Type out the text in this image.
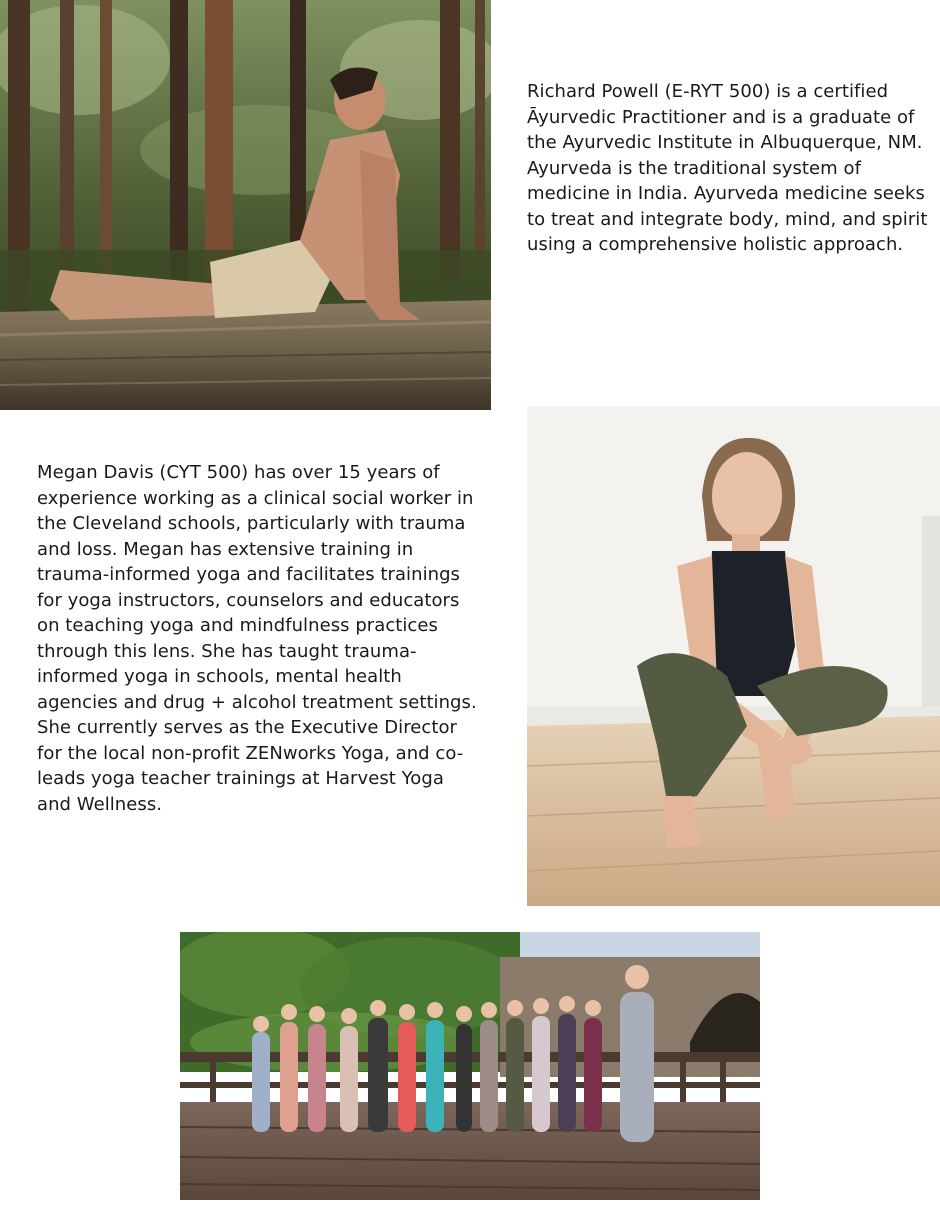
Richard Powell (E-RYT 500) is a certified Āyurvedic Practitioner and is a graduate of the Ayurvedic Institute in Albuquerque, NM. Ayurveda is the traditional system of medicine in India. Ayurveda medicine seeks to treat and integrate body, mind, and spirit using a comprehensive holistic approach.

Megan Davis (CYT 500) has over 15 years of experience working as a clinical social worker in the Cleveland schools, particularly with trauma and loss. Megan has extensive training in trauma-informed yoga and facilitates trainings for yoga instructors, counselors and educators on teaching yoga and mindfulness practices through this lens. She has taught trauma-informed yoga in schools, mental health agencies and drug + alcohol treatment settings. She currently serves as the Executive Director for the local non-profit ZENworks Yoga, and co-leads yoga teacher trainings at Harvest Yoga and Wellness.
